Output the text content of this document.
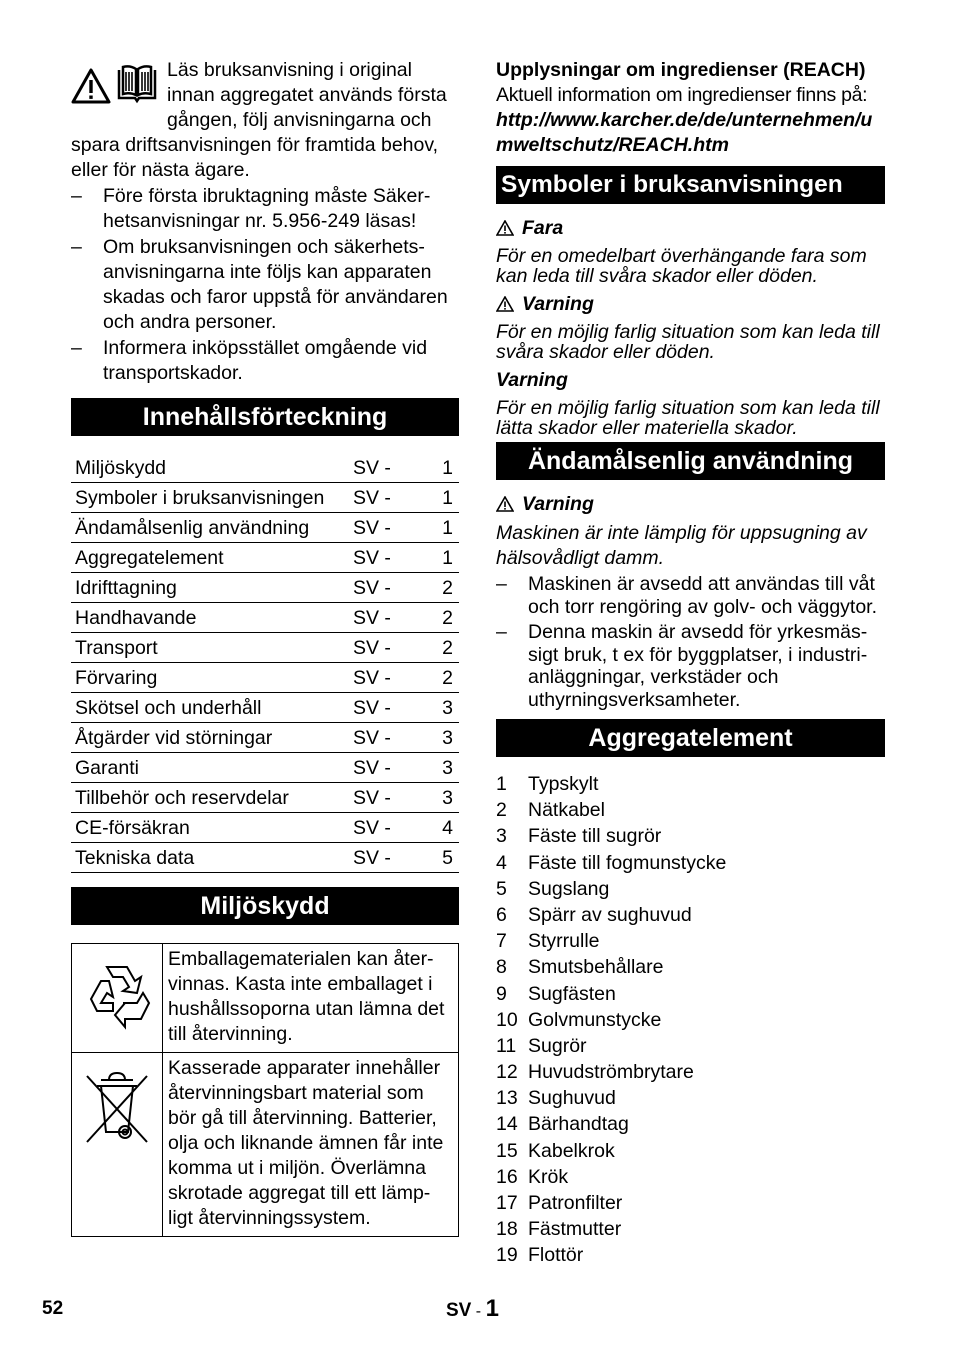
Läs bruksanvisning i original innan aggregatet används första gången, följ anvisningarna och spara driftsanvisningen för framtida behov, eller för nästa ägare.

– Före första ibruktagning måste Säker-hetsanvisningar nr. 5.956-249 läsas!
– Om bruksanvisningen och säkerhets-anvisningarna inte följs kan apparaten skadas och faror uppstå för användaren och andra personer.
– Informera inköpsstället omgående vid transportskador.
Innehållsförteckning
Miljöskydd	SV -	1
Symboler i bruksanvisningen	SV -	1
Ändamålsenlig användning	SV -	1
Aggregatelement	SV -	1
Idrifttagning	SV -	2
Handhavande	SV -	2
Transport	SV -	2
Förvaring	SV -	2
Skötsel och underhåll	SV -	3
Åtgärder vid störningar	SV -	3
Garanti	SV -	3
Tillbehör och reservdelar	SV -	3
CE-försäkran	SV -	4
Tekniska data	SV -	5
Miljöskydd
	Emballagematerialen kan åter-vinnas. Kasta inte emballaget i hushållssoporna utan lämna det till återvinning.
	Kasserade apparater innehåller återvinningsbart material som bör gå till återvinning. Batterier, olja och liknande ämnen får inte komma ut i miljön. Överlämna skrotade aggregat till ett lämp-ligt återvinningssystem.
Upplysningar om ingredienser (REACH)
Aktuell information om ingredienser finns på:
http://www.karcher.de/de/unternehmen/umweltschutz/REACH.htm
Symboler i bruksanvisningen

Fara

För en omedelbart överhängande fara som kan leda till svåra skador eller döden.

Varning

För en möjlig farlig situation som kan leda till svåra skador eller döden.

Varning

För en möjlig farlig situation som kan leda till lätta skador eller materiella skador.

Ändamålsenlig användning

Varning

Maskinen är inte lämplig för uppsugning av hälsovådligt damm.

– Maskinen är avsedd att användas till våt och torr rengöring av golv- och väggytor.
– Denna maskin är avsedd för yrkesmäs-sigt bruk, t ex för byggplatser, i industri-anläggningar, verkstäder och uthyrningsverksamheter.
Aggregatelement
1 Typskylt
2 Nätkabel
3 Fäste till sugrör
4 Fäste till fogmunstycke
5 Sugslang
6 Spärr av sughuvud
7 Styrrulle
8 Smutsbehållare
9 Sugfästen
10 Golvmunstycke
11 Sugrör
12 Huvudströmbrytare
13 Sughuvud
14 Bärhandtag
15 Kabelkrok
16 Krök
17 Patronfilter
18 Fästmutter
19 Flottör
52	SV - 1
